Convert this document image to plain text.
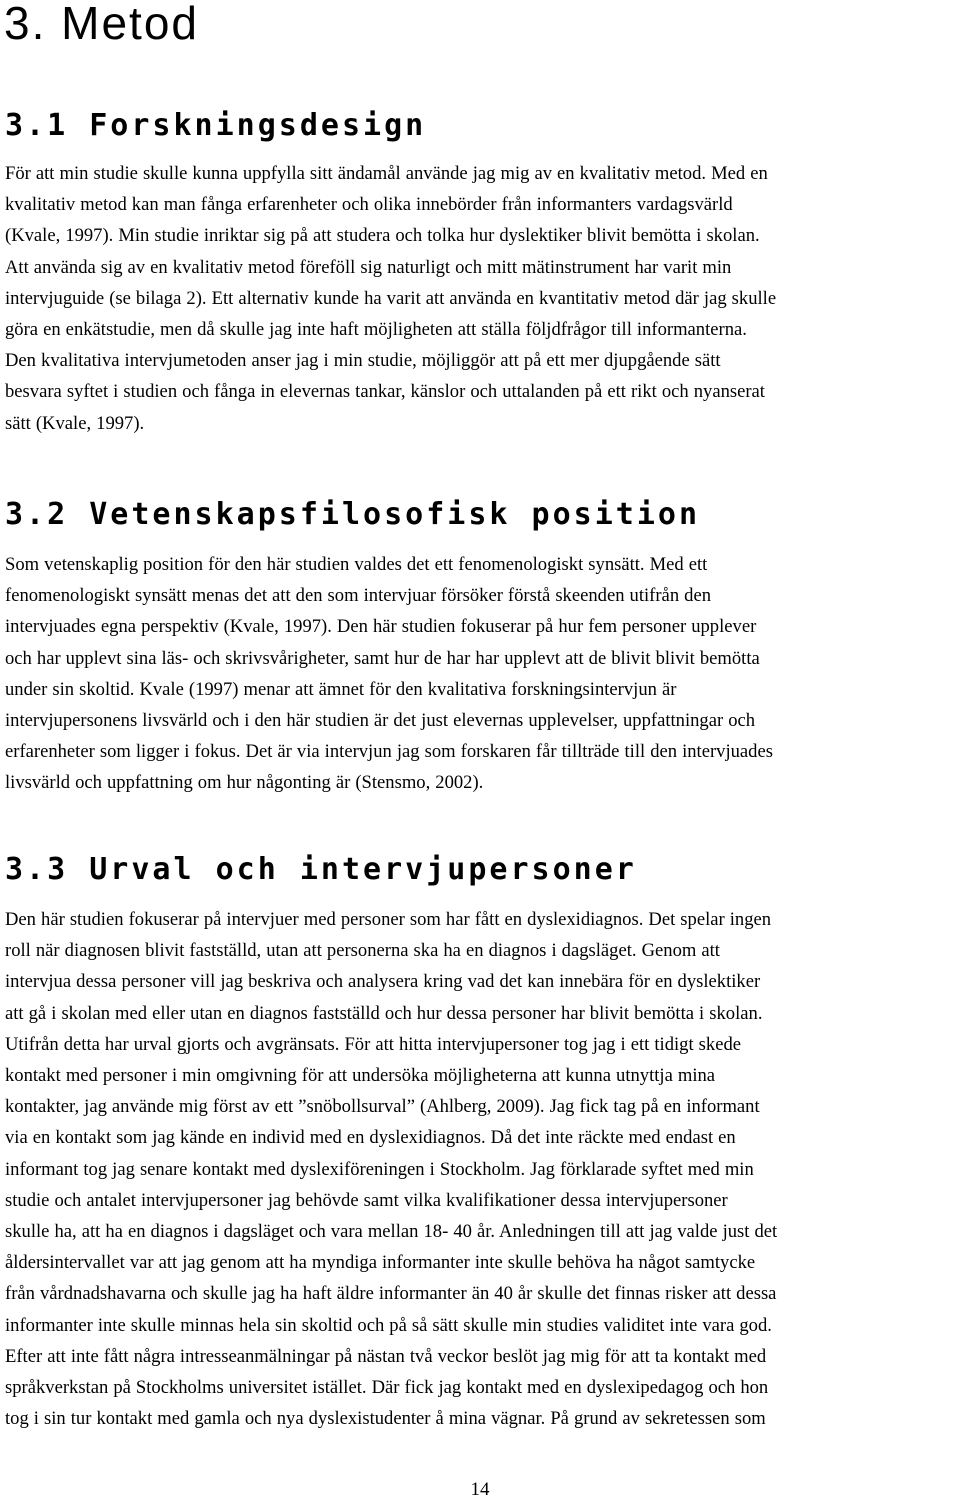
3. Metod
3.1 Forskningsdesign
För att min studie skulle kunna uppfylla sitt ändamål använde jag mig av en kvalitativ metod. Med en
kvalitativ metod kan man fånga erfarenheter och olika innebörder från informanters vardagsvärld
(Kvale, 1997). Min studie inriktar sig på att studera och tolka hur dyslektiker blivit bemötta i skolan.
Att använda sig av en kvalitativ metod föreföll sig naturligt och mitt mätinstrument har varit min
intervjuguide (se bilaga 2). Ett alternativ kunde ha varit att använda en kvantitativ metod där jag skulle
göra en enkätstudie, men då skulle jag inte haft möjligheten att ställa följdfrågor till informanterna.
Den kvalitativa intervjumetoden anser jag i min studie, möjliggör att på ett mer djupgående sätt
besvara syftet i studien och fånga in elevernas tankar, känslor och uttalanden på ett rikt och nyanserat
sätt (Kvale, 1997).
3.2 Vetenskapsfilosofisk position
Som vetenskaplig position för den här studien valdes det ett fenomenologiskt synsätt. Med ett
fenomenologiskt synsätt menas det att den som intervjuar försöker förstå skeenden utifrån den
intervjuades egna perspektiv (Kvale, 1997). Den här studien fokuserar på hur fem personer upplever
och har upplevt sina läs- och skrivsvårigheter, samt hur de har har upplevt att de blivit blivit bemötta
under sin skoltid. Kvale (1997) menar att ämnet för den kvalitativa forskningsintervjun är
intervjupersonens livsvärld och i den här studien är det just elevernas upplevelser, uppfattningar och
erfarenheter som ligger i fokus. Det är via intervjun jag som forskaren får tillträde till den intervjuades
livsvärld och uppfattning om hur någonting är (Stensmo, 2002).
3.3 Urval och intervjupersoner
Den här studien fokuserar på intervjuer med personer som har fått en dyslexidiagnos. Det spelar ingen
roll när diagnosen blivit fastställd, utan att personerna ska ha en diagnos i dagsläget. Genom att
intervjua dessa personer vill jag beskriva och analysera kring vad det kan innebära för en dyslektiker
att gå i skolan med eller utan en diagnos fastställd och hur dessa personer har blivit bemötta i skolan.
Utifrån detta har urval gjorts och avgränsats. För att hitta intervjupersoner tog jag i ett tidigt skede
kontakt med personer i min omgivning för att undersöka möjligheterna att kunna utnyttja mina
kontakter, jag använde mig först av ett ”snöbollsurval” (Ahlberg, 2009). Jag fick tag på en informant
via en kontakt som jag kände en individ med en dyslexidiagnos. Då det inte räckte med endast en
informant tog jag senare kontakt med dyslexiföreningen i Stockholm. Jag förklarade syftet med min
studie och antalet intervjupersoner jag behövde samt vilka kvalifikationer dessa intervjupersoner
skulle ha, att ha en diagnos i dagsläget och vara mellan 18- 40 år. Anledningen till att jag valde just det
åldersintervallet var att jag genom att ha myndiga informanter inte skulle behöva ha något samtycke
från vårdnadshavarna och skulle jag ha haft äldre informanter än 40 år skulle det finnas risker att dessa
informanter inte skulle minnas hela sin skoltid och på så sätt skulle min studies validitet inte vara god.
Efter att inte fått några intresseanmälningar på nästan två veckor beslöt jag mig för att ta kontakt med
språkverkstan på Stockholms universitet istället. Där fick jag kontakt med en dyslexipedagog och hon
tog i sin tur kontakt med gamla och nya dyslexistudenter å mina vägnar. På grund av sekretessen som
14
